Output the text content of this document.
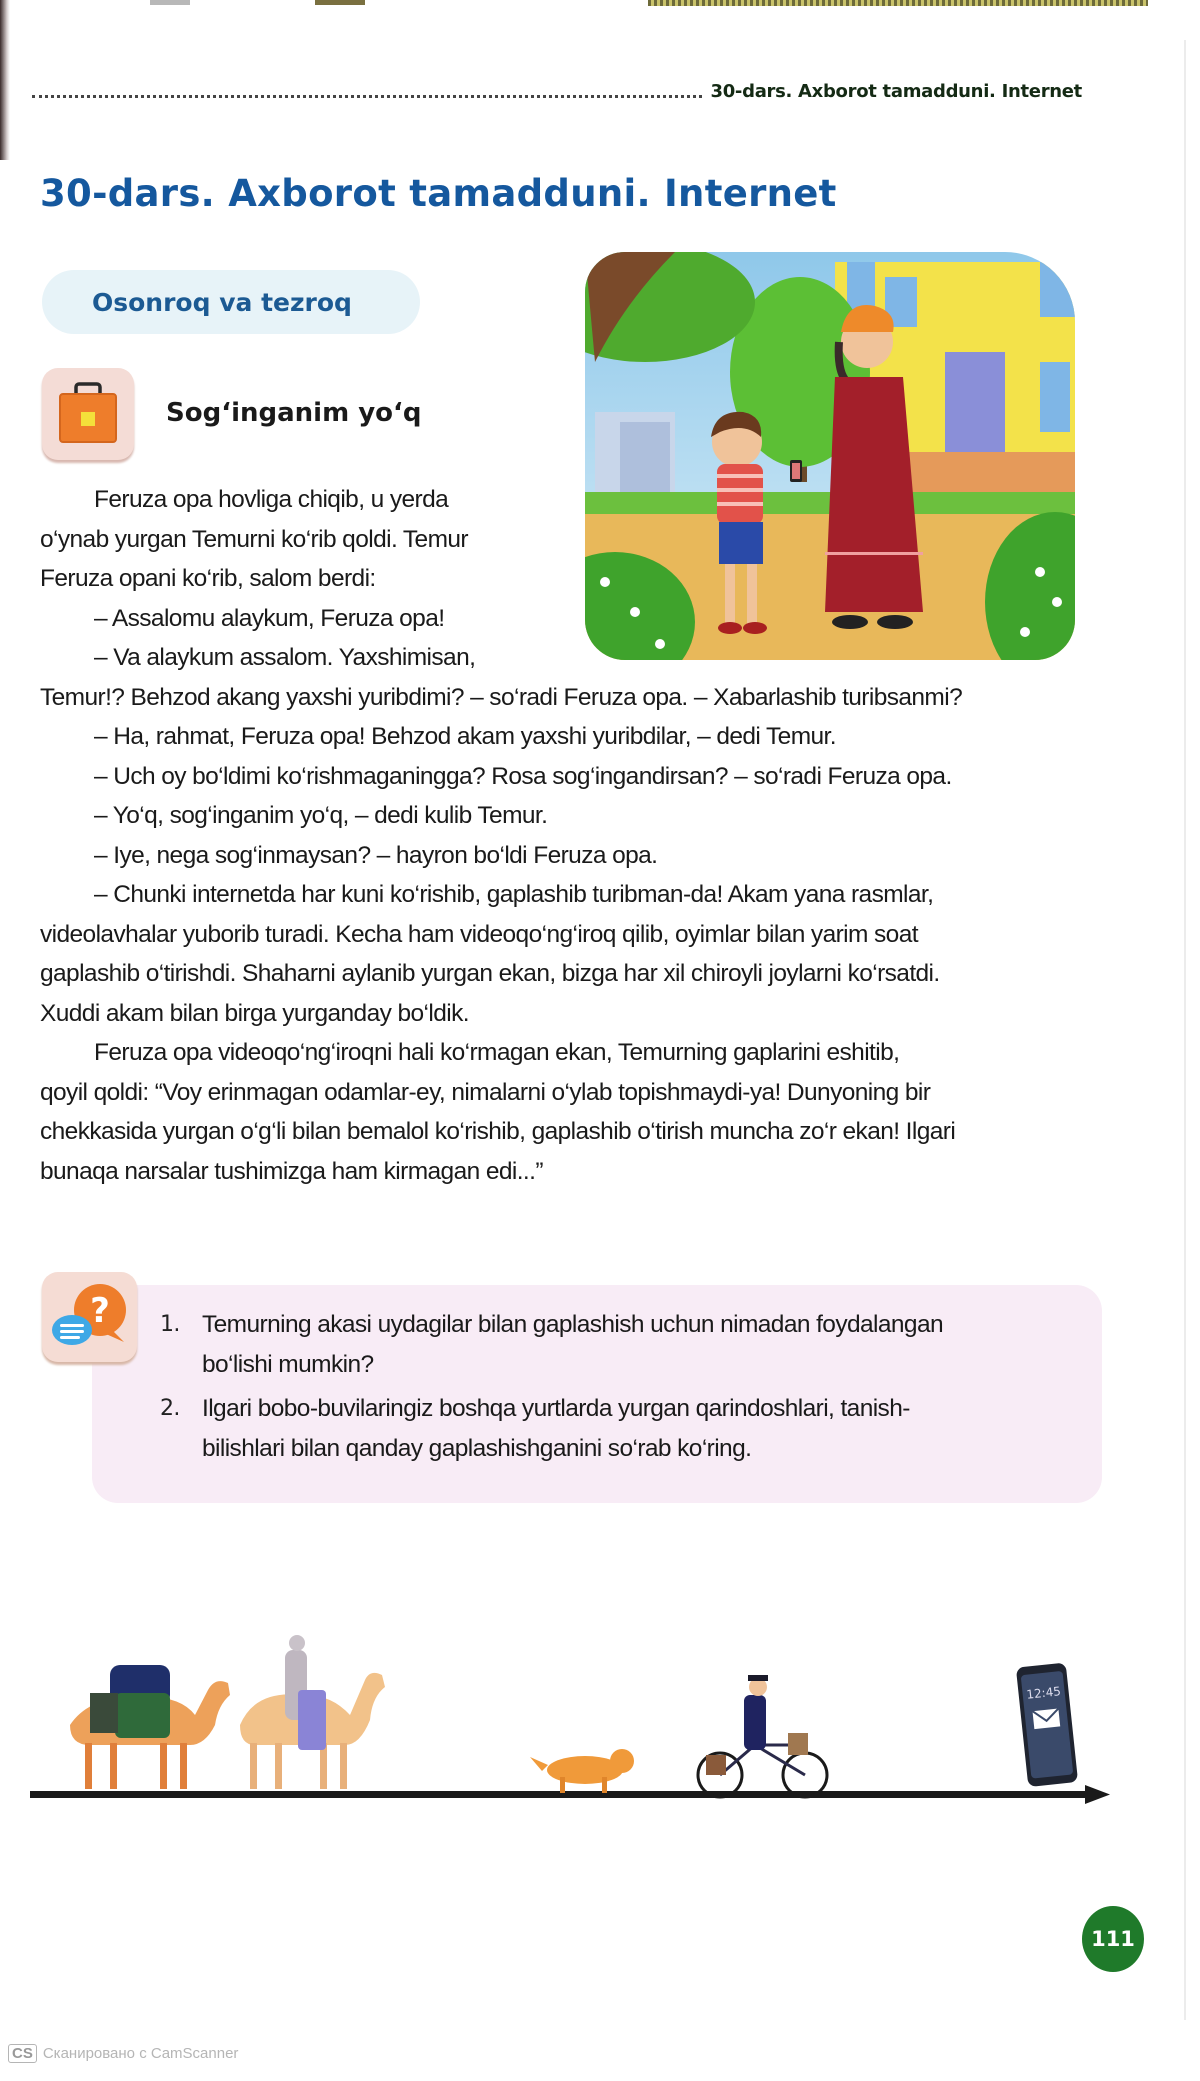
30-dars. Axborot tamadduni. Internet
30-dars. Axborot tamadduni. Internet
Osonroq va tezroq
Sog‘inganim yo‘q
Feruza opa hovliga chiqib, u yerda
o‘ynab yurgan Temurni ko‘rib qoldi. Temur
Feruza opani ko‘rib, salom berdi:
– Assalomu alaykum, Feruza opa!
– Va alaykum assalom. Yaxshimisan,
Temur!? Behzod akang yaxshi yuribdimi? – so‘radi Feruza opa. – Xabarlashib turibsanmi?
– Ha, rahmat, Feruza opa! Behzod akam yaxshi yuribdilar, – dedi Temur.
– Uch oy bo‘ldimi ko‘rishmaganingga? Rosa sog‘ingandirsan? – so‘radi Feruza opa.
– Yo‘q, sog‘inganim yo‘q, – dedi kulib Temur.
– Iye, nega sog‘inmaysan? – hayron bo‘ldi Feruza opa.
– Chunki internetda har kuni ko‘rishib, gaplashib turibman-da! Akam yana rasmlar,
videolavhalar yuborib turadi. Kecha ham videoqo‘ng‘iroq qilib, oyimlar bilan yarim soat
gaplashib o‘tirishdi. Shaharni aylanib yurgan ekan, bizga har xil chiroyli joylarni ko‘rsatdi.
Xuddi akam bilan birga yurganday bo‘ldik.
Feruza opa videoqo‘ng‘iroqni hali ko‘rmagan ekan, Temurning gaplarini eshitib,
qoyil qoldi: “Voy erinmagan odamlar-ey, nimalarni o‘ylab topishmaydi-ya! Dunyoning bir
chekkasida yurgan o‘g‘li bilan bemalol ko‘rishib, gaplashib o‘tirish muncha zo‘r ekan! Ilgari
bunaqa narsalar tushimizga ham kirmagan edi...”
? 1. Temurning akasi uydagilar bilan gaplashish uchun nimadan foydalangan
bo‘lishi mumkin?
2. Ilgari bobo-buvilaringiz boshqa yurtlarda yurgan qarindoshlari, tanish-
bilishlari bilan qanday gaplashishganini so‘rab ko‘ring.
12:45
111
CS Сканировано с CamScanner
